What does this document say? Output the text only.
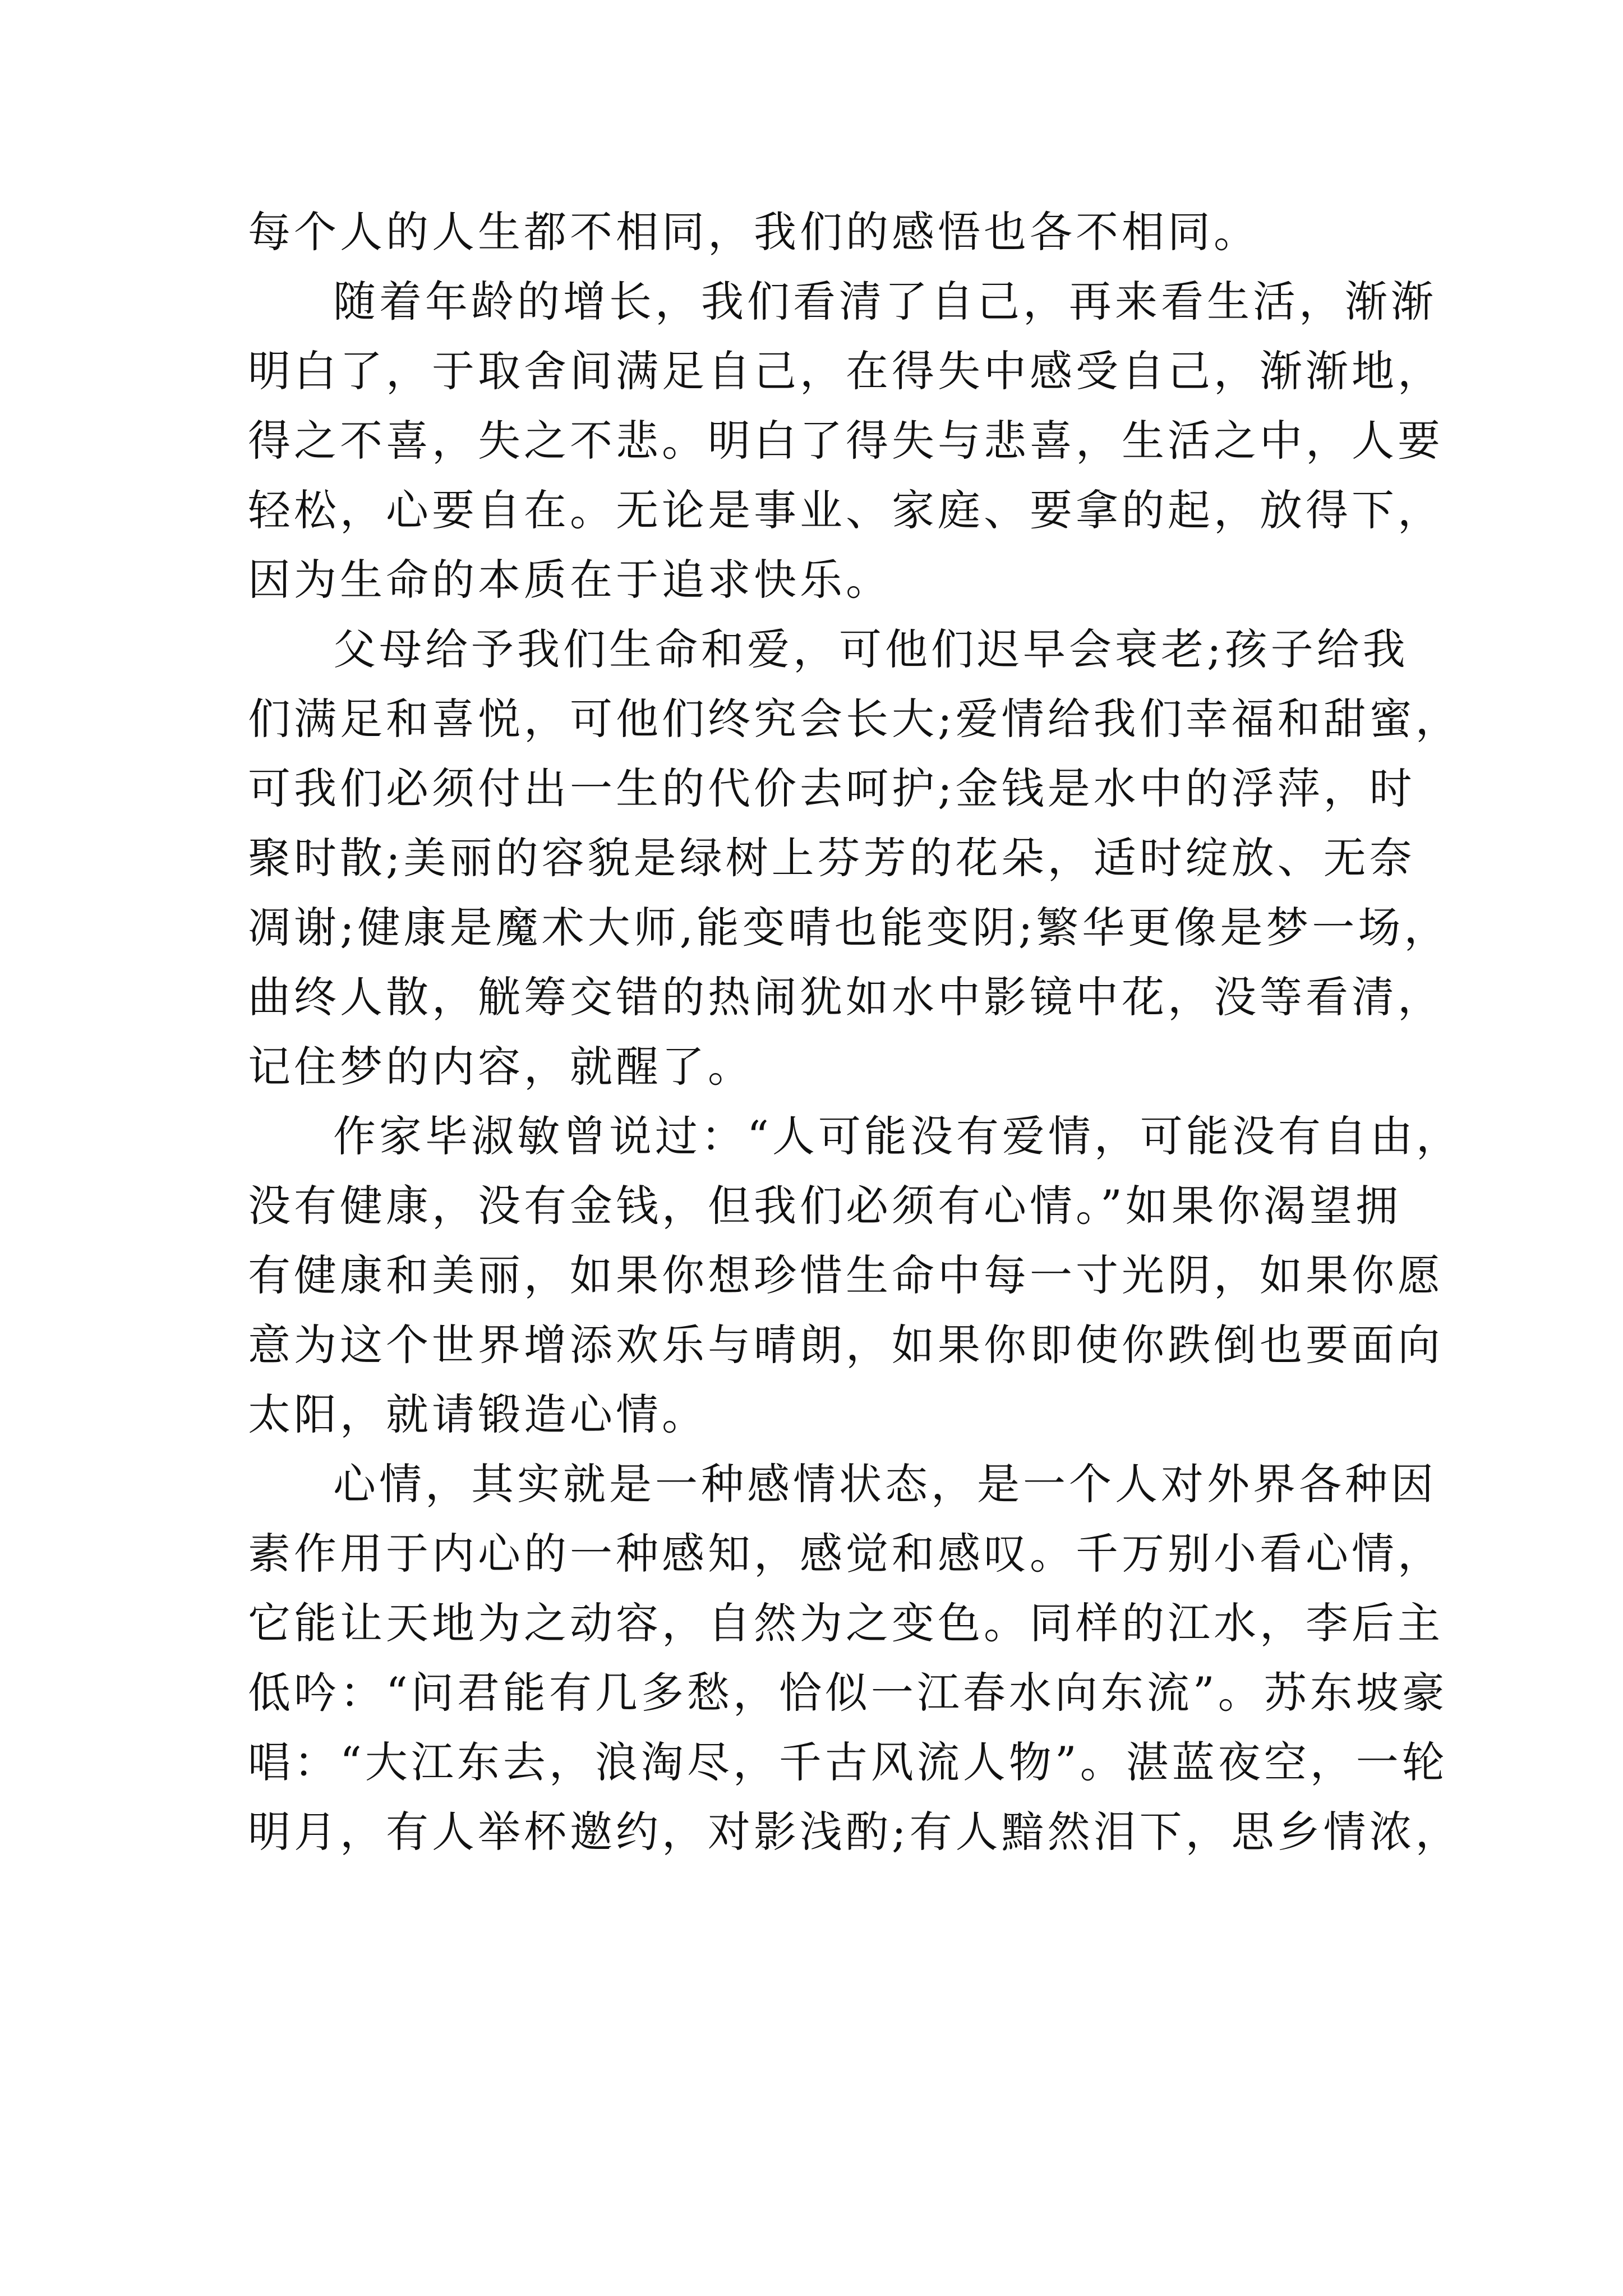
每个人的人生都不相同，我们的感悟也各不相同。

随着年龄的增长，我们看清了自己，再来看生活，渐渐
明白了，于取舍间满足自己，在得失中感受自己，渐渐地，
得之不喜，失之不悲。明白了得失与悲喜，生活之中，人要
轻松，心要自在。无论是事业、家庭、要拿的起，放得下，
因为生命的本质在于追求快乐。

父母给予我们生命和爱，可他们迟早会衰老;孩子给我
们满足和喜悦，可他们终究会长大;爱情给我们幸福和甜蜜，
可我们必须付出一生的代价去呵护;金钱是水中的浮萍，时
聚时散;美丽的容貌是绿树上芬芳的花朵，适时绽放、无奈
凋谢;健康是魔术大师,能变晴也能变阴;繁华更像是梦一场，
曲终人散，觥筹交错的热闹犹如水中影镜中花，没等看清，
记住梦的内容，就醒了。

作家毕淑敏曾说过：“人可能没有爱情，可能没有自由，
没有健康，没有金钱，但我们必须有心情。”如果你渴望拥
有健康和美丽，如果你想珍惜生命中每一寸光阴，如果你愿
意为这个世界增添欢乐与晴朗，如果你即使你跌倒也要面向
太阳，就请锻造心情。

心情，其实就是一种感情状态，是一个人对外界各种因
素作用于内心的一种感知，感觉和感叹。千万别小看心情，
它能让天地为之动容，自然为之变色。同样的江水，李后主
低吟：“问君能有几多愁，恰似一江春水向东流”。苏东坡豪
唱：“大江东去，浪淘尽，千古风流人物”。湛蓝夜空，一轮
明月，有人举杯邀约，对影浅酌;有人黯然泪下，思乡情浓，
